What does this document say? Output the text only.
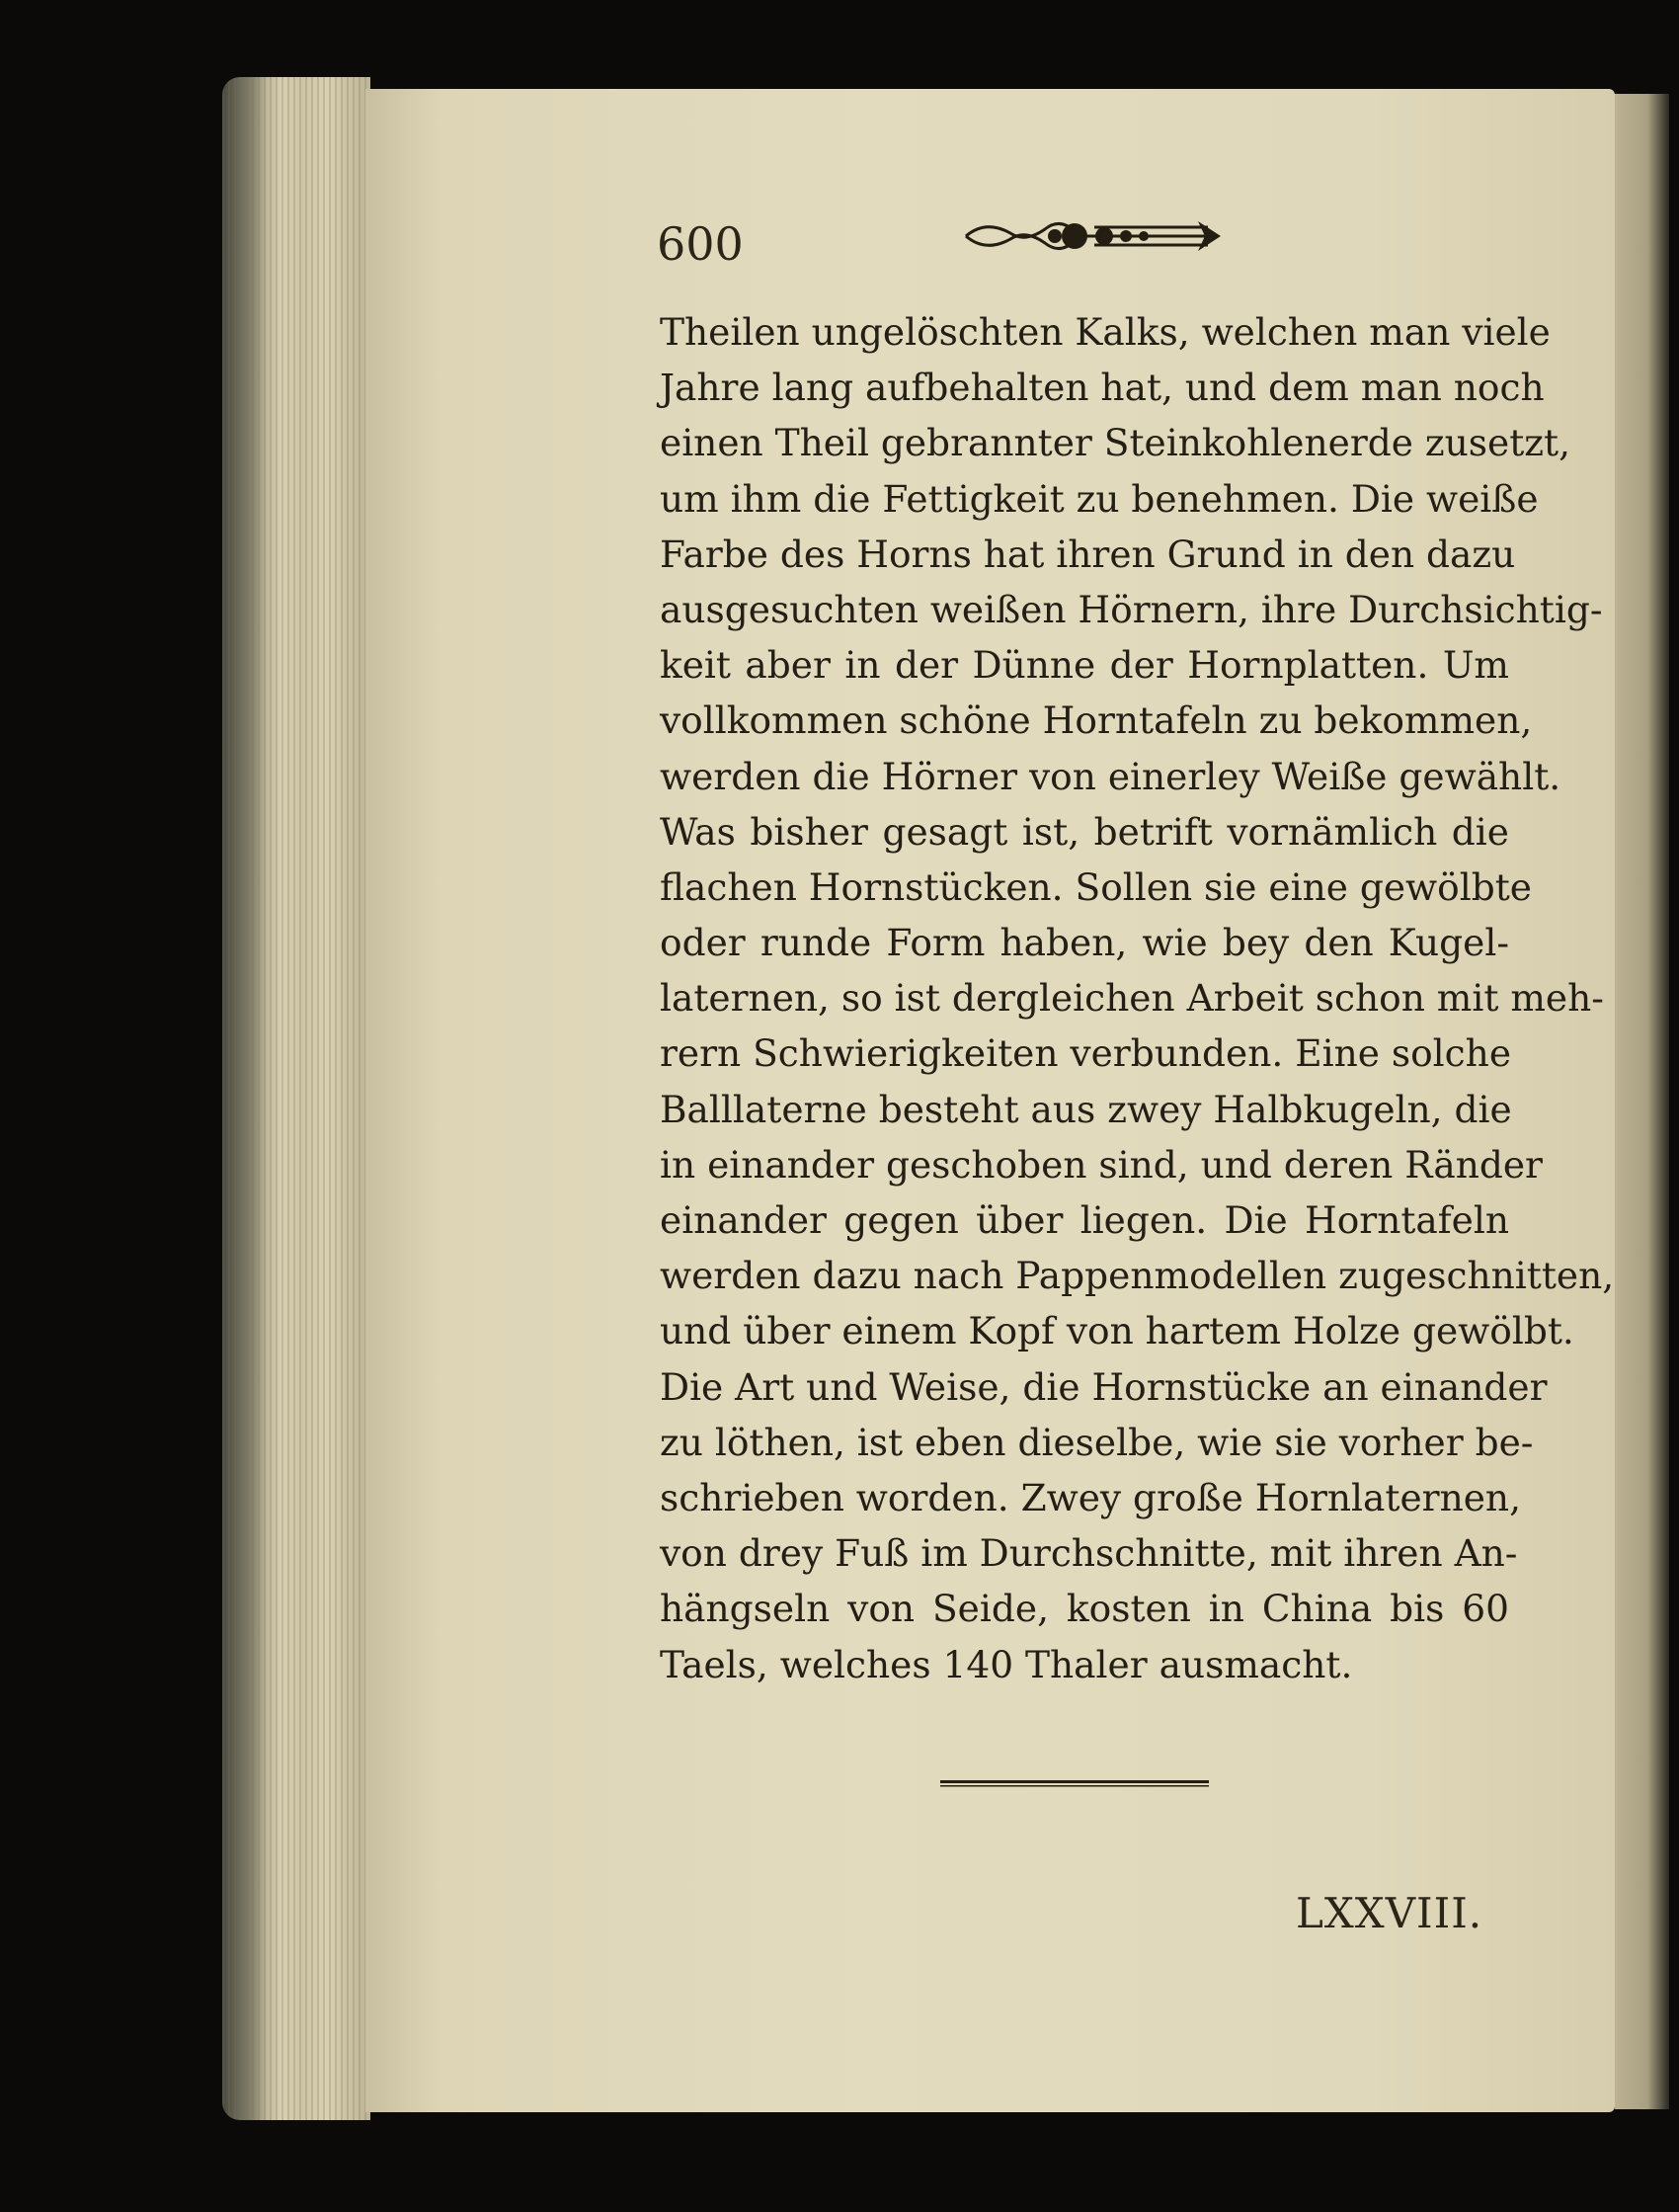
600
Theilen ungelöschten Kalks, welchen man viele
Jahre lang aufbehalten hat, und dem man noch
einen Theil gebrannter Steinkohlenerde zusetzt,
um ihm die Fettigkeit zu benehmen. Die weiße
Farbe des Horns hat ihren Grund in den dazu
ausgesuchten weißen Hörnern, ihre Durchsichtig-
keit aber in der Dünne der Hornplatten. Um
vollkommen schöne Horntafeln zu bekommen,
werden die Hörner von einerley Weiße gewählt.
Was bisher gesagt ist, betrift vornämlich die
flachen Hornstücken. Sollen sie eine gewölbte
oder runde Form haben, wie bey den Kugel-
laternen, so ist dergleichen Arbeit schon mit meh-
rern Schwierigkeiten verbunden. Eine solche
Balllaterne besteht aus zwey Halbkugeln, die
in einander geschoben sind, und deren Ränder
einander gegen über liegen. Die Horntafeln
werden dazu nach Pappenmodellen zugeschnitten,
und über einem Kopf von hartem Holze gewölbt.
Die Art und Weise, die Hornstücke an einander
zu löthen, ist eben dieselbe, wie sie vorher be-
schrieben worden. Zwey große Hornlaternen,
von drey Fuß im Durchschnitte, mit ihren An-
hängseln von Seide, kosten in China bis 60
Taels, welches 140 Thaler ausmacht.
LXXVIII.
